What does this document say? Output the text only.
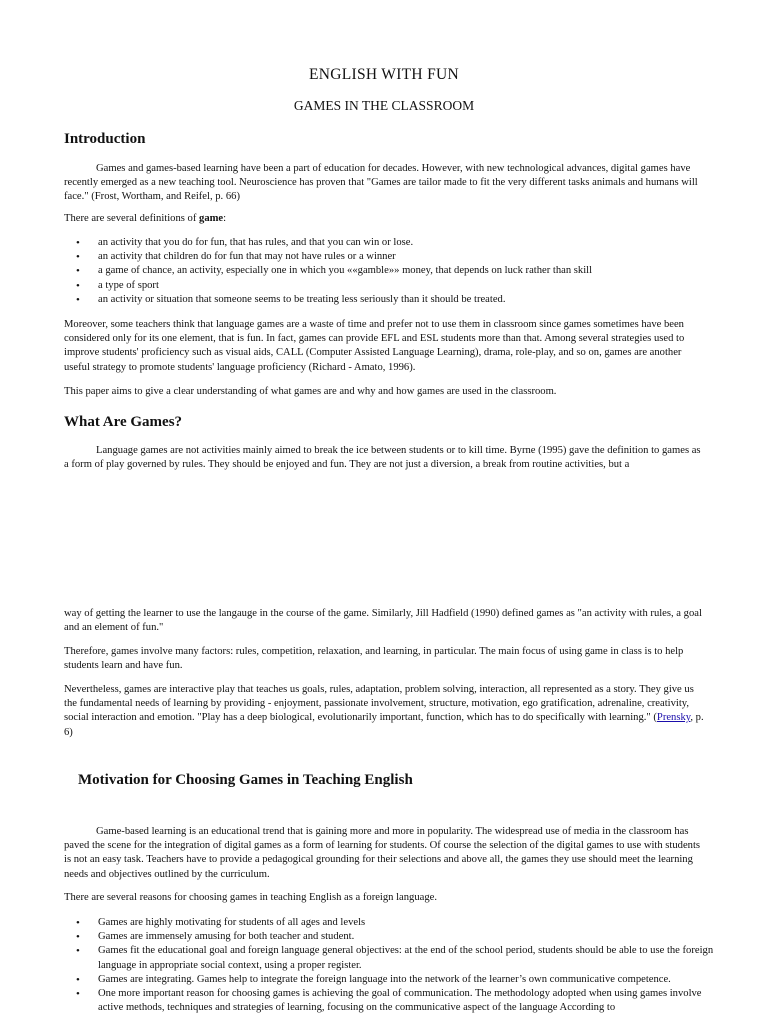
ENGLISH WITH FUN
GAMES IN THE CLASSROOM
Introduction
Games and games-based learning have been a part of education for decades. However, with new technological advances, digital games have recently emerged as a new teaching tool. Neuroscience has proven that "Games are tailor made to fit the very different tasks animals and humans will face." (Frost, Wortham, and Reifel, p. 66)
There are several definitions of game:
• an activity that you do for fun, that has rules, and that you can win or lose.
• an activity that children do for fun that may not have rules or a winner
• a game of chance, an activity, especially one in which you ««gamble»» money, that depends on luck rather than skill
• a type of sport
• an activity or situation that someone seems to be treating less seriously than it should be treated.
Moreover, some teachers think that language games are a waste of time and prefer not to use them in classroom since games sometimes have been considered only for its one element, that is fun. In fact, games can provide EFL and ESL students more than that. Among several strategies used to improve students' proficiency such as visual aids, CALL (Computer Assisted Language Learning), drama, role-play, and so on, games are another useful strategy to promote students' language proficiency (Richard - Amato, 1996).
This paper aims to give a clear understanding of what games are and why and how games are used in the classroom.
What Are Games?
Language games are not activities mainly aimed to break the ice between students or to kill time. Byrne (1995) gave the definition to games as a form of play governed by rules. They should be enjoyed and fun. They are not just a diversion, a break from routine activities, but a
way of getting the learner to use the langauge in the course of the game. Similarly, Jill Hadfield (1990) defined games as "an activity with rules, a goal and an element of fun."
Therefore, games involve many factors: rules, competition, relaxation, and learning, in particular. The main focus of using game in class is to help students learn and have fun.
Nevertheless, games are interactive play that teaches us goals, rules, adaptation, problem solving, interaction, all represented as a story. They give us the fundamental needs of learning by providing - enjoyment, passionate involvement, structure, motivation, ego gratification, adrenaline, creativity, social interaction and emotion. "Play has a deep biological, evolutionarily important, function, which has to do specifically with learning." (Prensky, p. 6)
Motivation for Choosing Games in Teaching English
Game-based learning is an educational trend that is gaining more and more in popularity. The widespread use of media in the classroom has paved the scene for the integration of digital games as a form of learning for students. Of course the selection of the digital games to use with students is not an easy task. Teachers have to provide a pedagogical grounding for their selections and above all, the games they use should meet the learning needs and objectives outlined by the curriculum.
There are several reasons for choosing games in teaching English as a foreign language.
• Games are highly motivating for students of all ages and levels
• Games are immensely amusing for both teacher and student.
• Games fit the educational goal and foreign language general objectives: at the end of the school period, students should be able to use the foreign language in appropriate social context, using a proper register.
• Games are integrating. Games help to integrate the foreign language into the network of the learner’s own communicative competence.
• One more important reason for choosing games is achieving the goal of communication. The methodology adopted when using games involve active methods, techniques and strategies of learning, focusing on the communicative aspect of the language According to
